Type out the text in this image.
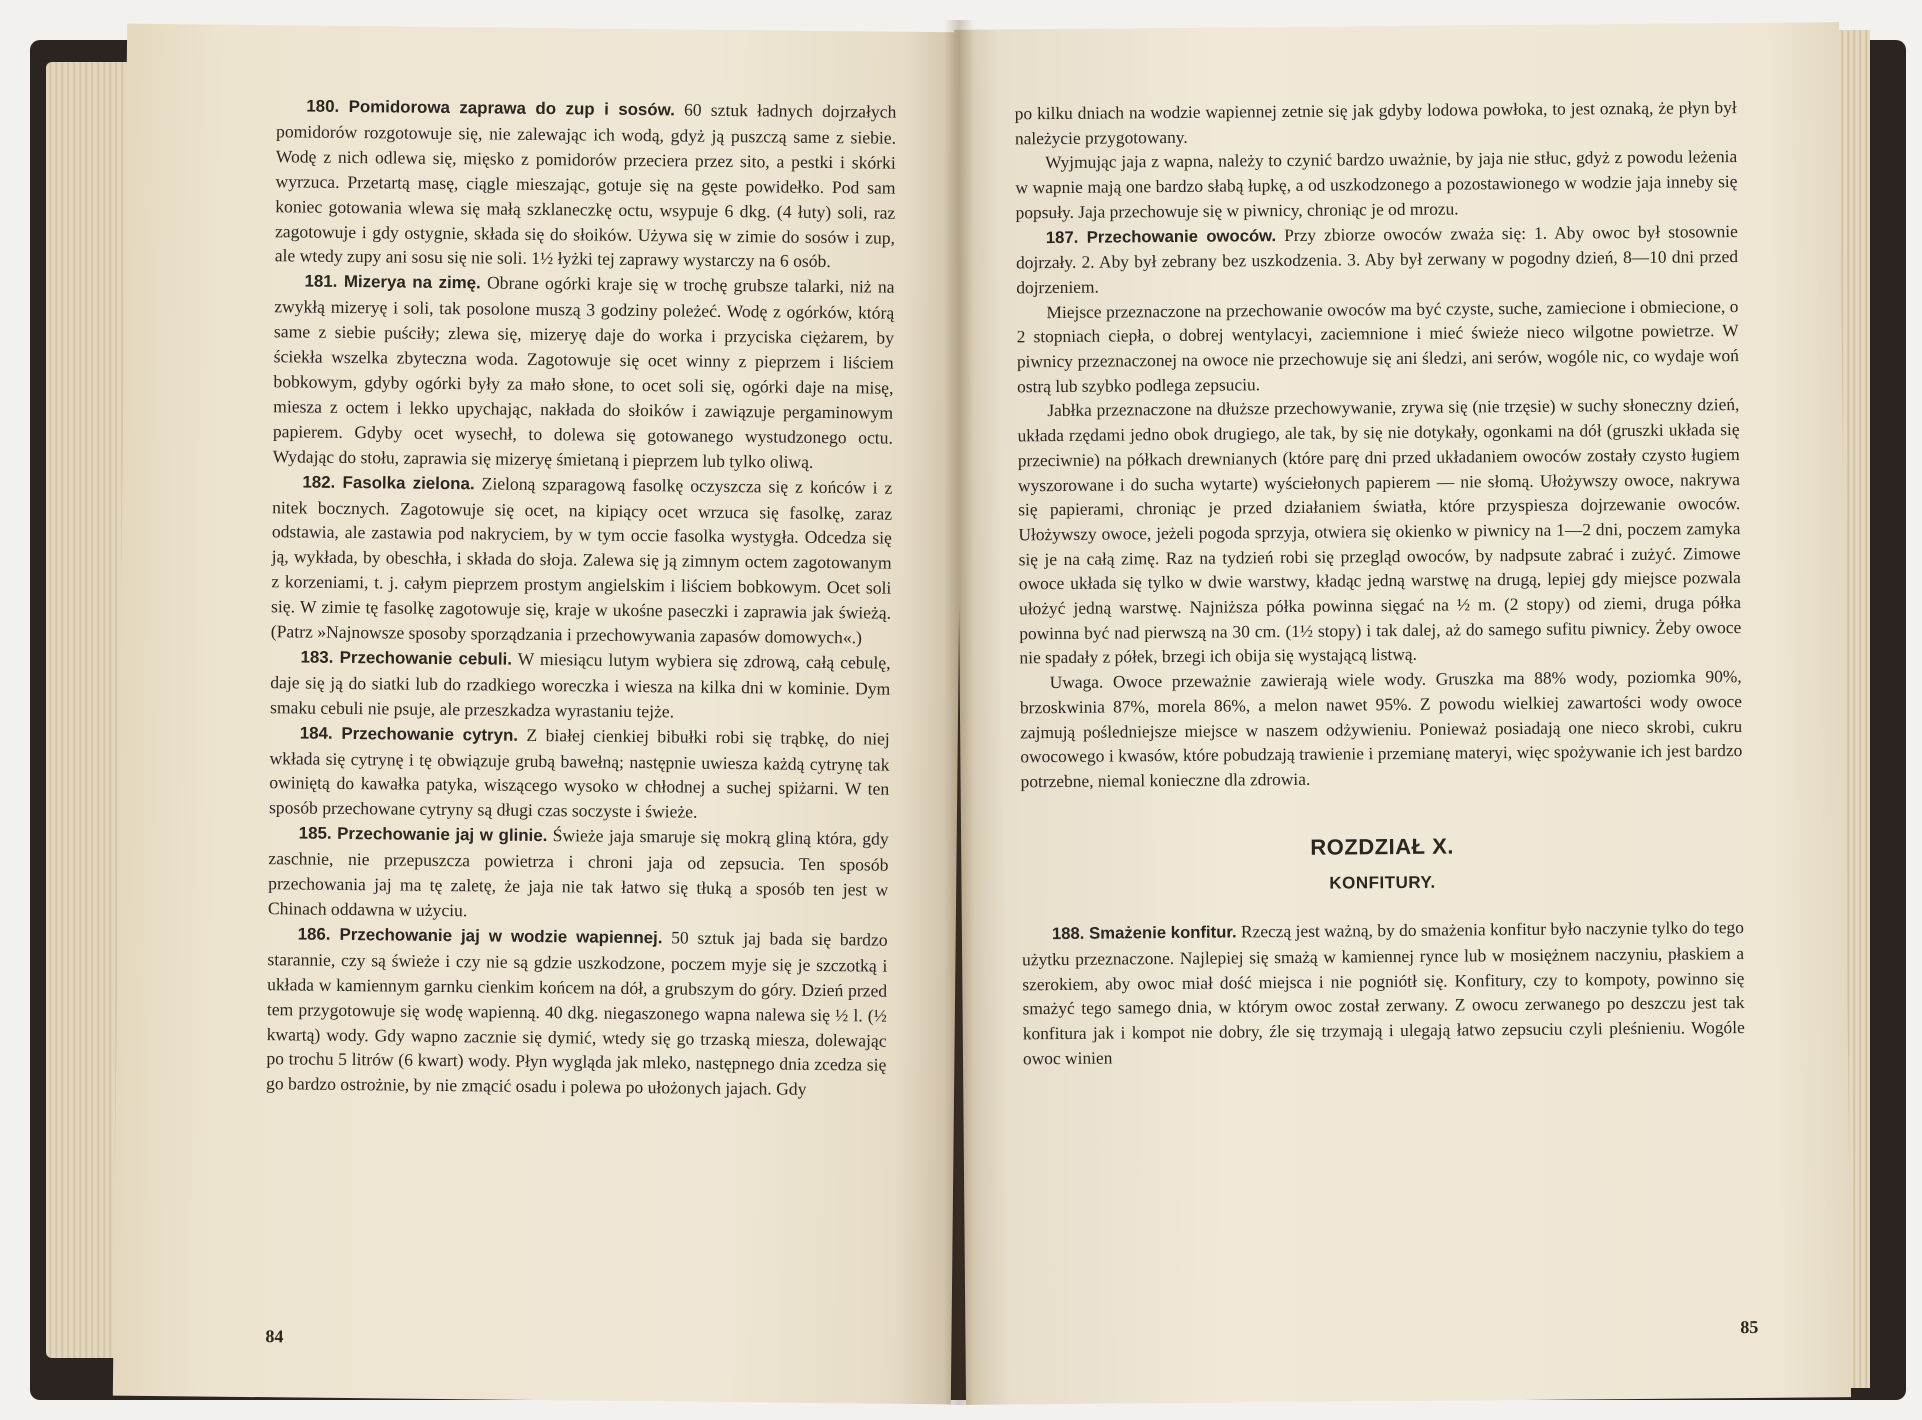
180. Pomidorowa zaprawa do zup i sosów. 60 sztuk ładnych dojrzałych pomidorów rozgotowuje się, nie zalewając ich wodą, gdyż ją puszczą same z siebie. Wodę z nich odlewa się, mięsko z pomidorów przeciera przez sito, a pestki i skórki wyrzuca. Przetartą masę, ciągle mieszając, gotuje się na gęste powidełko. Pod sam koniec gotowania wlewa się małą szklaneczkę octu, wsypuje 6 dkg. (4 łuty) soli, raz zagotowuje i gdy ostygnie, składa się do słoików. Używa się w zimie do sosów i zup, ale wtedy zupy ani sosu się nie soli. 1½ łyżki tej zaprawy wystarczy na 6 osób.

181. Mizerya na zimę. Obrane ogórki kraje się w trochę grubsze talarki, niż na zwykłą mizeryę i soli, tak posolone muszą 3 godziny poleżeć. Wodę z ogórków, którą same z siebie puściły; zlewa się, mizeryę daje do worka i przyciska ciężarem, by ściekła wszelka zbyteczna woda. Zagotowuje się ocet winny z pieprzem i liściem bobkowym, gdyby ogórki były za mało słone, to ocet soli się, ogórki daje na misę, miesza z octem i lekko upychając, nakłada do słoików i zawiązuje pergaminowym papierem. Gdyby ocet wysechł, to dolewa się gotowanego wystudzonego octu. Wydając do stołu, zaprawia się mizeryę śmietaną i pieprzem lub tylko oliwą.

182. Fasolka zielona. Zieloną szparagową fasolkę oczyszcza się z końców i z nitek bocznych. Zagotowuje się ocet, na kipiący ocet wrzuca się fasolkę, zaraz odstawia, ale zastawia pod nakryciem, by w tym occie fasolka wystygła. Odcedza się ją, wykłada, by obeschła, i składa do słoja. Zalewa się ją zimnym octem zagotowanym z korzeniami, t. j. całym pieprzem prostym angielskim i liściem bobkowym. Ocet soli się. W zimie tę fasolkę zagotowuje się, kraje w ukośne paseczki i zaprawia jak świeżą. (Patrz »Najnowsze sposoby sporządzania i przechowywania zapasów domowych«.)

183. Przechowanie cebuli. W miesiącu lutym wybiera się zdrową, całą cebulę, daje się ją do siatki lub do rzadkiego woreczka i wiesza na kilka dni w kominie. Dym smaku cebuli nie psuje, ale przeszkadza wyrastaniu tejże.

184. Przechowanie cytryn. Z białej cienkiej bibułki robi się trąbkę, do niej wkłada się cytrynę i tę obwiązuje grubą bawełną; następnie uwiesza każdą cytrynę tak owiniętą do kawałka patyka, wiszącego wysoko w chłodnej a suchej spiżarni. W ten sposób przechowane cytryny są długi czas soczyste i świeże.

185. Przechowanie jaj w glinie. Świeże jaja smaruje się mokrą gliną która, gdy zaschnie, nie przepuszcza powietrza i chroni jaja od zepsucia. Ten sposób przechowania jaj ma tę zaletę, że jaja nie tak łatwo się tłuką a sposób ten jest w Chinach oddawna w użyciu.

186. Przechowanie jaj w wodzie wapiennej. 50 sztuk jaj bada się bardzo starannie, czy są świeże i czy nie są gdzie uszkodzone, poczem myje się je szczotką i układa w kamiennym garnku cienkim końcem na dół, a grubszym do góry. Dzień przed tem przygotowuje się wodę wapienną. 40 dkg. niegaszonego wapna nalewa się ½ l. (½ kwartą) wody. Gdy wapno zacznie się dymić, wtedy się go trzaską miesza, dolewając po trochu 5 litrów (6 kwart) wody. Płyn wygląda jak mleko, następnego dnia zcedza się go bardzo ostrożnie, by nie zmącić osadu i polewa po ułożonych jajach. Gdy

84

po kilku dniach na wodzie wapiennej zetnie się jak gdyby lodowa powłoka, to jest oznaką, że płyn był należycie przygotowany.

Wyjmując jaja z wapna, należy to czynić bardzo uważnie, by jaja nie stłuc, gdyż z powodu leżenia w wapnie mają one bardzo słabą łupkę, a od uszkodzonego a pozostawionego w wodzie jaja inneby się popsuły. Jaja przechowuje się w piwnicy, chroniąc je od mrozu.

187. Przechowanie owoców. Przy zbiorze owoców zważa się: 1. Aby owoc był stosownie dojrzały. 2. Aby był zebrany bez uszkodzenia. 3. Aby był zerwany w pogodny dzień, 8—10 dni przed dojrzeniem.

Miejsce przeznaczone na przechowanie owoców ma być czyste, suche, zamiecione i obmiecione, o 2 stopniach ciepła, o dobrej wentylacyi, zaciemnione i mieć świeże nieco wilgotne powietrze. W piwnicy przeznaczonej na owoce nie przechowuje się ani śledzi, ani serów, wogóle nic, co wydaje woń ostrą lub szybko podlega zepsuciu.

Jabłka przeznaczone na dłuższe przechowywanie, zrywa się (nie trzęsie) w suchy słoneczny dzień, układa rzędami jedno obok drugiego, ale tak, by się nie dotykały, ogonkami na dół (gruszki układa się przeciwnie) na półkach drewnianych (które parę dni przed układaniem owoców zostały czysto ługiem wyszorowane i do sucha wytarte) wyściełonych papierem — nie słomą. Ułożywszy owoce, nakrywa się papierami, chroniąc je przed działaniem światła, które przyspiesza dojrzewanie owoców. Ułożywszy owoce, jeżeli pogoda sprzyja, otwiera się okienko w piwnicy na 1—2 dni, poczem zamyka się je na całą zimę. Raz na tydzień robi się przegląd owoców, by nadpsute zabrać i zużyć. Zimowe owoce układa się tylko w dwie warstwy, kładąc jedną warstwę na drugą, lepiej gdy miejsce pozwala ułożyć jedną warstwę. Najniższa półka powinna sięgać na ½ m. (2 stopy) od ziemi, druga półka powinna być nad pierwszą na 30 cm. (1½ stopy) i tak dalej, aż do samego sufitu piwnicy. Żeby owoce nie spadały z półek, brzegi ich obija się wystającą listwą.

Uwaga. Owoce przeważnie zawierają wiele wody. Gruszka ma 88% wody, poziomka 90%, brzoskwinia 87%, morela 86%, a melon nawet 95%. Z powodu wielkiej zawartości wody owoce zajmują pośledniejsze miejsce w naszem odżywieniu. Ponieważ posiadają one nieco skrobi, cukru owocowego i kwasów, które pobudzają trawienie i przemianę materyi, więc spożywanie ich jest bardzo potrzebne, niemal konieczne dla zdrowia.

ROZDZIAŁ X.
KONFITURY.

188. Smażenie konfitur. Rzeczą jest ważną, by do smażenia konfitur było naczynie tylko do tego użytku przeznaczone. Najlepiej się smażą w kamiennej rynce lub w mosiężnem naczyniu, płaskiem a szerokiem, aby owoc miał dość miejsca i nie pogniótł się. Konfitury, czy to kompoty, powinno się smażyć tego samego dnia, w którym owoc został zerwany. Z owocu zerwanego po deszczu jest tak konfitura jak i kompot nie dobry, źle się trzymają i ulegają łatwo zepsuciu czyli pleśnieniu. Wogóle owoc winien

85
